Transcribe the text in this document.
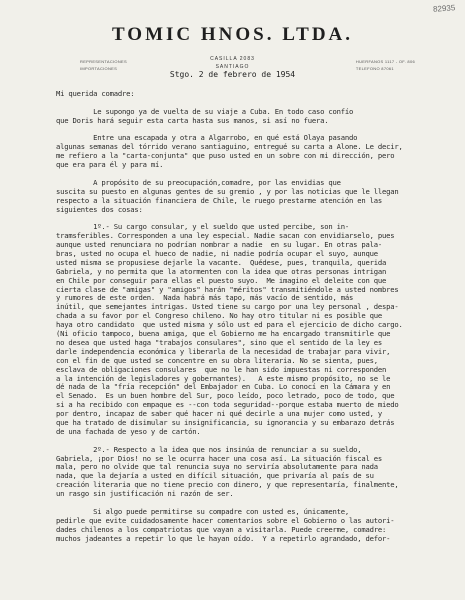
82935
TOMIC HNOS. LTDA.
REPRESENTACIONES
IMPORTACIONES
CASILLA 2083
SANTIAGO
HUERFANOS 1117 - OF. 806
TELEFONO 87061
Stgo. 2 de febrero de 1954
Mi querida comadre:
Le supongo ya de vuelta de su viaje a Cuba. En todo caso confío
que Doris hará seguir esta carta hasta sus manos, si así no fuera.
Entre una escapada y otra a Algarrobo, en qué está Olaya pasando
algunas semanas del tórrido verano santiaguino, entregué su carta a Alone. Le decir,
me refiero a la "carta-conjunta" que puso usted en un sobre con mi dirección, pero
que era para él y para mí.
A propósito de su preocupación,comadre, por las envidias que
suscita su puesto en algunas gentes de su gremio , y por las noticias que le llegan
respecto a la situación financiera de Chile, le ruego prestarme atención en las
siguientes dos cosas:
1º.- Su cargo consular, y el sueldo que usted percibe, son in-
tramsferibles. Corresponden a una ley especial. Nadie sacan con envidiarselo, pues
aunque usted renunciara no podrían nombrar a nadie  en su lugar. En otras pala-
bras, usted no ocupa el hueco de nadie, ni nadie podría ocupar el suyo, aunque
usted misma se propusiese dejarle la vacante.  Quédese, pues, tranquila, querida
Gabriela, y no permita que la atormenten con la idea que otras personas intrigan
en Chile por conseguir para ellas el puesto suyo.  Me imagino el deleite con que
cierta clase de "amigas" y "amigos" harán "méritos" transmitiéndole a usted nombres
y rumores de este orden.  Nada habrá más tapo, más vacío de sentido, más
inútil, que semejantes intrigas. Usted tiene su cargo por una ley personal , despa-
chada a su favor por el Congreso chileno. No hay otro titular ni es posible que
haya otro candidato  que usted misma y sólo ust ed para el ejercicio de dicho cargo.
(Ni oficio tampoco, buena amiga, que el Gobierno me ha encargado transmitirle que
no desea que usted haga "trabajos consulares", sino que el sentido de la ley es
darle independencia económica y liberarla de la necesidad de trabajar para vivir,
con el fin de que usted se concentre en su obra literaria. No se sienta, pues,
esclava de obligaciones consulares  que no le han sido impuestas ni corresponden
a la intención de legisladores y gobernantes).   A este mismo propósito, no se le
dé nada de la "fría recepción" del Embajador en Cuba. Lo conocí en la Cámara y en
el Senado.  Es un buen hombre del Sur, poco leído, poco letrado, poco de todo, que
si a ha recibido con empaque es --con toda seguridad--porque estaba muerto de miedo
por dentro, incapaz de saber qué hacer ni qué decirle a una mujer como usted, y
que ha tratado de disimular su insignificancia, su ignorancia y su embarazo detrás
de una fachada de yeso y de cartón.
2º.- Respecto a la idea que nos insinúa de renunciar a su sueldo,
Gabriela, ¡por Dios! no se le ocurra hacer una cosa así. La situación fiscal es
mala, pero no olvide que tal renuncia suya no serviría absolutamente para nada
nada, que la dejaría a usted en difícil situación, que privaría al país de su
creación literaria que no tiene precio con dinero, y que representaría, finalmente,
un rasgo sin justificación ni razón de ser.
Si algo puede permitirse su compadre con usted es, únicamente,
pedirle que evite cuidadosamente hacer comentarios sobre el Gobierno o las autori-
dades chilenos a los compatriotas que vayan a visitarla. Puede creerme, comadre:
muchos jadeantes a repetir lo que le hayan oído.  Y a repetirlo agrandado, defor-
